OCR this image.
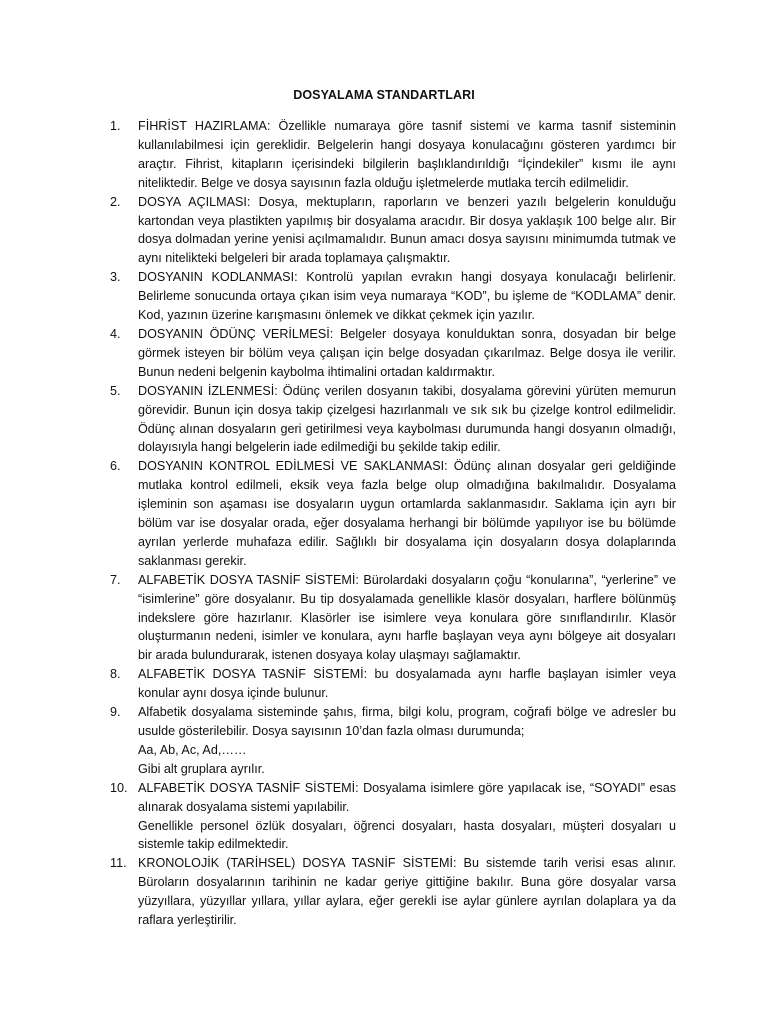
DOSYALAMA STANDARTLARI
1.	FİHRİST HAZIRLAMA: Özellikle numaraya göre tasnif sistemi ve karma tasnif sisteminin kullanılabilmesi için gereklidir. Belgelerin hangi dosyaya konulacağını gösteren yardımcı bir araçtır. Fihrist, kitapların içerisindeki bilgilerin başlıklandırıldığı “İçindekiler” kısmı ile aynı niteliktedir. Belge ve dosya sayısının fazla olduğu işletmelerde mutlaka tercih edilmelidir.
2.	DOSYA AÇILMASI: Dosya, mektupların, raporların ve benzeri yazılı belgelerin konulduğu kartondan veya plastikten yapılmış bir dosyalama aracıdır. Bir dosya yaklaşık 100 belge alır. Bir dosya dolmadan yerine yenisi açılmamalıdır. Bunun amacı dosya sayısını minimumda tutmak ve aynı nitelikteki belgeleri bir arada toplamaya çalışmaktır.
3.	DOSYANIN KODLANMASI: Kontrolü yapılan evrakın hangi dosyaya konulacağı belirlenir. Belirleme sonucunda ortaya çıkan isim veya numaraya “KOD”, bu işleme de “KODLAMA” denir. Kod, yazının üzerine karışmasını önlemek ve dikkat çekmek için yazılır.
4.	DOSYANIN ÖDÜNÇ VERİLMESİ: Belgeler dosyaya konulduktan sonra, dosyadan bir belge görmek isteyen bir bölüm veya çalışan için belge dosyadan çıkarılmaz. Belge dosya ile verilir. Bunun nedeni belgenin kaybolma ihtimalini ortadan kaldırmaktır.
5.	DOSYANIN İZLENMESİ: Ödünç verilen dosyanın takibi, dosyalama görevini yürüten memurun görevidir. Bunun için dosya takip çizelgesi hazırlanmalı ve sık sık bu çizelge kontrol edilmelidir. Ödünç alınan dosyaların geri getirilmesi veya kaybolması durumunda hangi dosyanın olmadığı, dolayısıyla hangi belgelerin iade edilmediği bu şekilde takip edilir.
6.	DOSYANIN KONTROL EDİLMESİ VE SAKLANMASI: Ödünç alınan dosyalar geri geldiğinde mutlaka kontrol edilmeli, eksik veya fazla belge olup olmadığına bakılmalıdır. Dosyalama işleminin son aşaması ise dosyaların uygun ortamlarda saklanmasıdır. Saklama için ayrı bir bölüm var ise dosyalar orada, eğer dosyalama herhangi bir bölümde yapılıyor ise bu bölümde ayrılan yerlerde muhafaza edilir. Sağlıklı bir dosyalama için dosyaların dosya dolaplarında saklanması gerekir.
7.	ALFABETİK DOSYA TASNİF SİSTEMİ: Bürolardaki dosyaların çoğu “konularına”, “yerlerine” ve “isimlerine” göre dosyalanır. Bu tip dosyalamada genellikle klasör dosyaları, harflere bölünmüş indekslere göre hazırlanır. Klasörler ise isimlere veya konulara göre sınıflandırılır. Klasör oluşturmanın nedeni, isimler ve konulara, aynı harfle başlayan veya aynı bölgeye ait dosyaları bir arada bulundurarak, istenen dosyaya kolay ulaşmayı sağlamaktır.
8.	ALFABETİK DOSYA TASNİF SİSTEMİ: bu dosyalamada aynı harfle başlayan isimler veya konular aynı dosya içinde bulunur.
9.	Alfabetik dosyalama sisteminde şahıs, firma, bilgi kolu, program, coğrafi bölge ve adresler bu usulde gösterilebilir. Dosya sayısının 10’dan fazla olması durumunda;
Aa, Ab, Ac, Ad,……
Gibi alt gruplara ayrılır.
10. ALFABETİK DOSYA TASNİF SİSTEMİ: Dosyalama isimlere göre yapılacak ise, “SOYADI” esas alınarak dosyalama sistemi yapılabilir.
Genellikle personel özlük dosyaları, öğrenci dosyaları, hasta dosyaları, müşteri dosyaları u sistemle takip edilmektedir.
11. KRONOLOJİK (TARİHSEL) DOSYA TASNİF SİSTEMİ: Bu sistemde tarih verisi esas alınır. Büroların dosyalarının tarihinin ne kadar geriye gittiğine bakılır. Buna göre dosyalar varsa yüzyıllara, yüzyıllar yıllara, yıllar aylara, eğer gerekli ise aylar günlere ayrılan dolaplara ya da raflara yerleştirilir.
